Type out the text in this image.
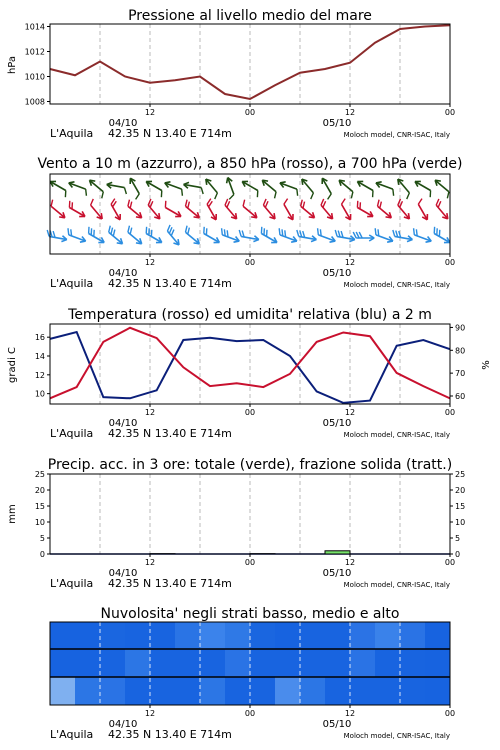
Pressione al livello medio del mare
hPa
1008
1010
1012
1014
12	00	12	00
04/10	05/10
L'Aquila 42.35 N 13.40 E 714m	Moloch model, CNR-ISAC, Italy
Vento a 10 m (azzurro), a 850 hPa (rosso), a 700 hPa (verde)
12	00	12	00
04/10	05/10
L'Aquila 42.35 N 13.40 E 714m	Moloch model, CNR-ISAC, Italy
Temperatura (rosso) ed umidita' relativa (blu) a 2 m
gradi C	%
10
12
14
16
60
70
80
90
12	00	12	00
04/10	05/10
L'Aquila 42.35 N 13.40 E 714m	Moloch model, CNR-ISAC, Italy
Precip. acc. in 3 ore: totale (verde), frazione solida (tratt.)
mm
0
5
10
15
20
25
0
5
10
15
20
25
12	00	12	00
04/10	05/10
L'Aquila 42.35 N 13.40 E 714m	Moloch model, CNR-ISAC, Italy
Nuvolosita' negli strati basso, medio e alto
12	00	12	00
04/10	05/10
L'Aquila 42.35 N 13.40 E 714m	Moloch model, CNR-ISAC, Italy
